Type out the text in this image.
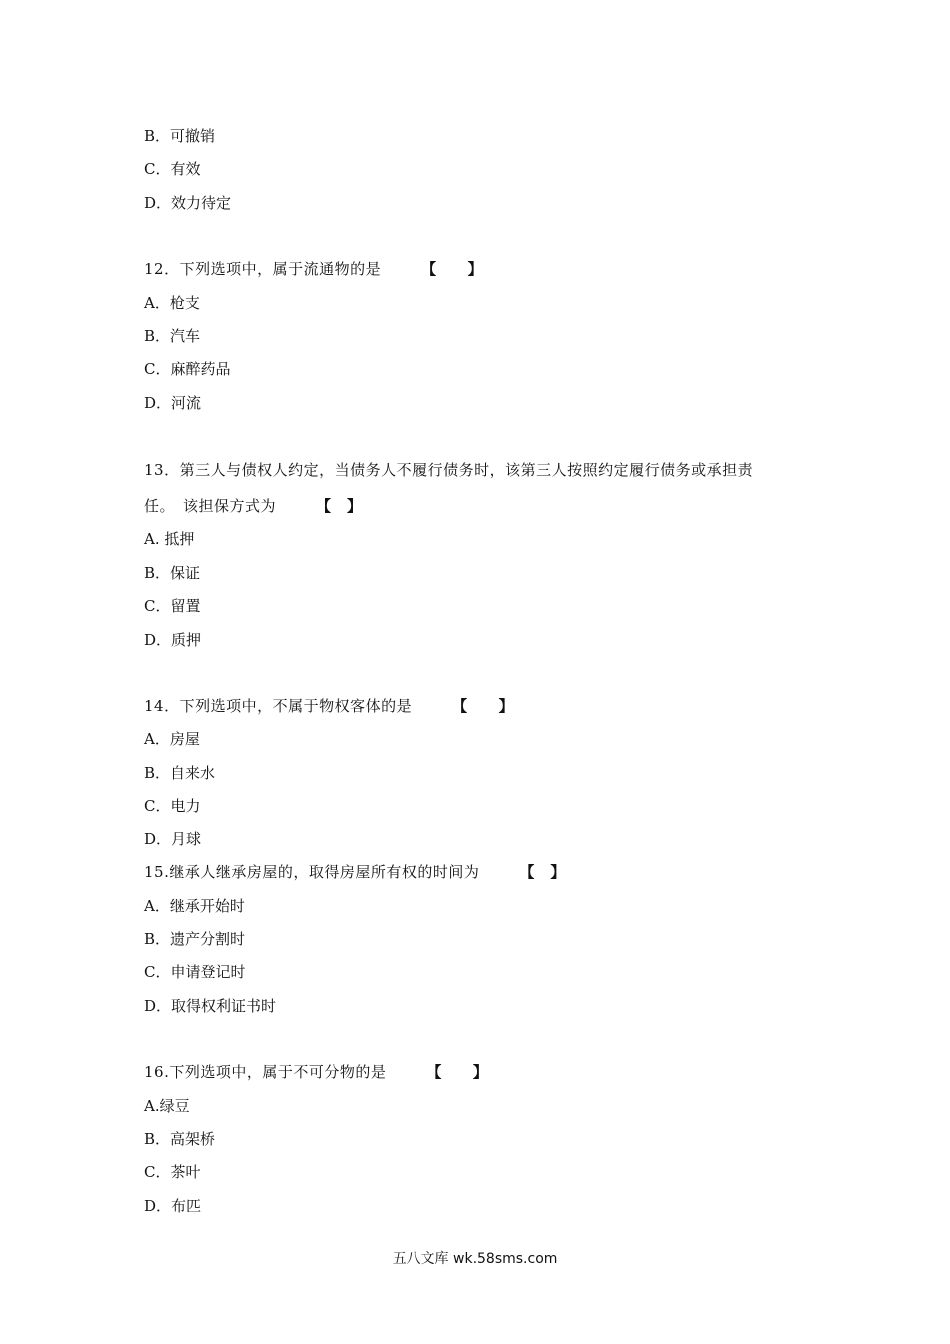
B．可撤销
C．有效
D．效力待定
12．下列选项中，属于流通物的是	【　　】
A．枪支
B．汽车
C．麻醉药品
D．河流
13．第三人与债权人约定，当债务人不履行债务时，该第三人按照约定履行债务或承担责
任。　该担保方式为	【　】
A. 抵押
B．保证
C．留置
D．质押
14．下列选项中，不属于物权客体的是	【　　】
A．房屋
B．自来水
C．电力
D．月球
15.继承人继承房屋的，取得房屋所有权的时间为	【　】
A．继承开始时
B．遗产分割时
C．申请登记时
D．取得权利证书时
16.下列选项中，属于不可分物的是	【　　】
A.绿豆
B．高架桥
C．茶叶
D．布匹
五八文库 wk.58sms.com
